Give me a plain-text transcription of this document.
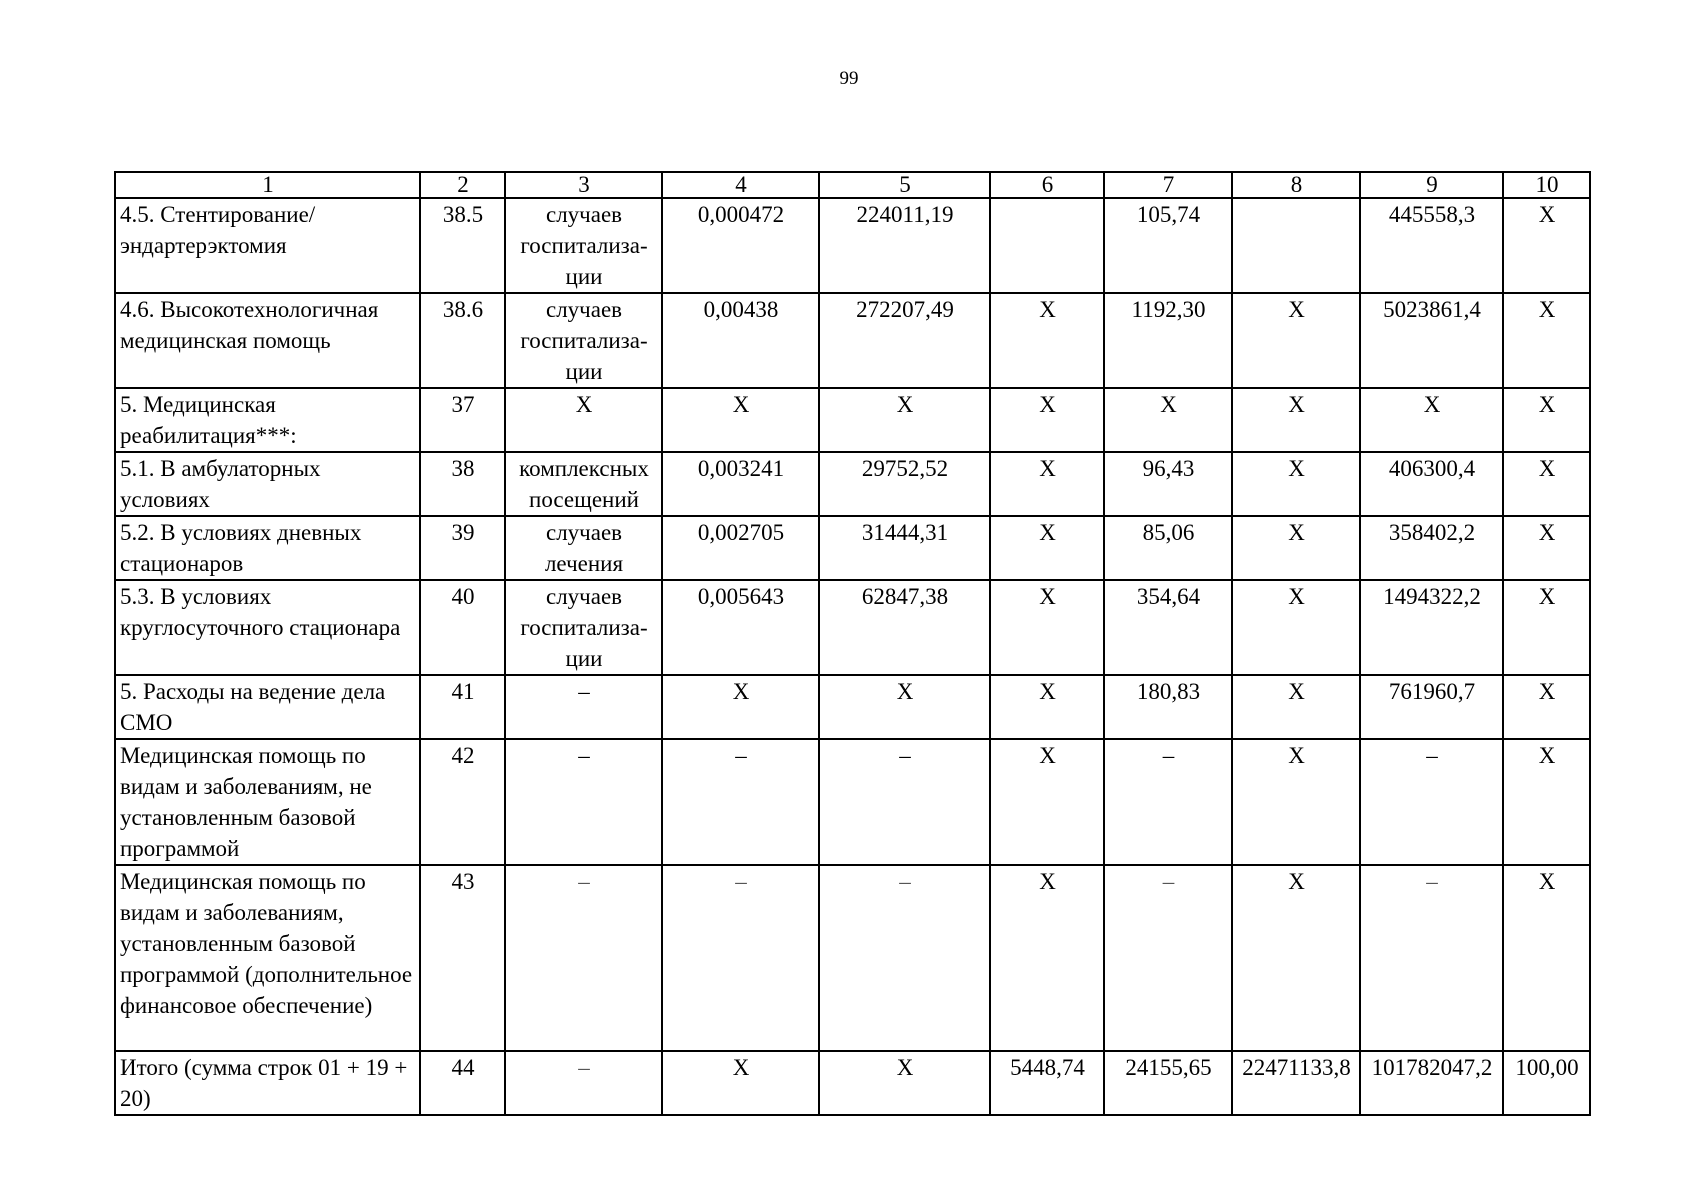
99
1	2	3	4	5	6	7	8	9	10
4.5. Стентирование/ эндартерэктомия	38.5	случаев госпитализа- ции	0,000472	224011,19		105,74		445558,3	Х
4.6. Высокотехнологичная медицинская помощь	38.6	случаев госпитализа- ции	0,00438	272207,49	Х	1192,30	Х	5023861,4	Х
5. Медицинская реабилитация***:	37	Х	Х	Х	Х	Х	Х	Х	Х
5.1. В амбулаторных условиях	38	комплексных посещений	0,003241	29752,52	Х	96,43	Х	406300,4	Х
5.2. В условиях дневных стационаров	39	случаев лечения	0,002705	31444,31	Х	85,06	Х	358402,2	Х
5.3. В условиях круглосуточного стационара	40	случаев госпитализа- ции	0,005643	62847,38	Х	354,64	Х	1494322,2	Х
5. Расходы на ведение дела СМО	41	–	Х	Х	Х	180,83	Х	761960,7	Х
Медицинская помощь по видам и заболеваниям, не установленным базовой программой	42	–	–	–	Х	–	Х	–	Х
Медицинская помощь по видам и заболеваниям, установленным базовой программой (дополнительное финансовое обеспечение)	43	–	–	–	Х	–	Х	–	Х
Итого (сумма строк 01 + 19 + 20)	44	–	Х	Х	5448,74	24155,65	22471133,8	101782047,2	100,00
